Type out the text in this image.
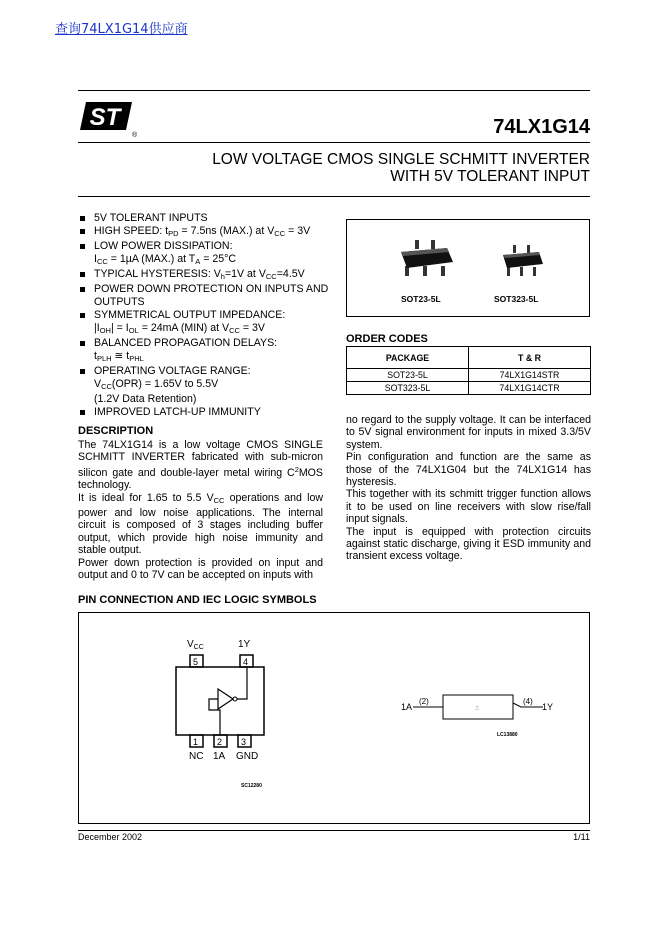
查询74LX1G14供应商
ST
®	74LX1G14
LOW VOLTAGE CMOS SINGLE SCHMITT INVERTER
WITH 5V TOLERANT INPUT
5V TOLERANT INPUTS
HIGH SPEED: $t_{PD} = 7.5ns$ (MAX.) at $V_{CC} = 3V$
LOW POWER DISSIPATION:
$I_{CC} = 1\mu A$ (MAX.) at $T_A = 25^\circ C$
TYPICAL HYSTERESIS: $V_h=1V$ at $V_{CC}=4.5V$
POWER DOWN PROTECTION ON INPUTS AND OUTPUTS
SYMMETRICAL OUTPUT IMPEDANCE:
$|I_{OH}| = I_{OL} = 24mA$ (MIN) at $V_{CC} = 3V$
BALANCED PROPAGATION DELAYS:
$t_{PLH}$ ≅ $t_{PHL}$
OPERATING VOLTAGE RANGE:
$V_{CC}(OPR) = 1.65V$ to 5.5V
(1.2V Data Retention)
IMPROVED LATCH-UP IMMUNITY
SOT23-5L	SOT323-5L
ORDER CODES
PACKAGE	T & R
SOT23-5L	74LX1G14STR
SOT323-5L	74LX1G14CTR
DESCRIPTION
The 74LX1G14 is a low voltage CMOS SINGLE SCHMITT INVERTER fabricated with sub-micron silicon gate and double-layer metal wiring $C^2MOS$ technology.
It is ideal for 1.65 to 5.5 $V_{CC}$ operations and low power and low noise applications. The internal circuit is composed of 3 stages including buffer output, which provide high noise immunity and stable output.
Power down protection is provided on input and output and 0 to 7V can be accepted on inputs with
no regard to the supply voltage. It can be interfaced to 5V signal environment for inputs in mixed 3.3/5V system.
Pin configuration and function are the same as those of the 74LX1G04 but the 74LX1G14 has hysteresis.
This together with its schmitt trigger function allows it to be used on line receivers with slow rise/fall input signals.
The input is equipped with protection circuits against static discharge, giving it ESD immunity and transient excess voltage.
PIN CONNECTION AND IEC LOGIC SYMBOLS
$V_{CC}$	1Y
5	4
1 2 3
NC 1A GND
SC12280
1A
(2)
⎍
(4)
1Y
LC13880
December 2002	1/11
